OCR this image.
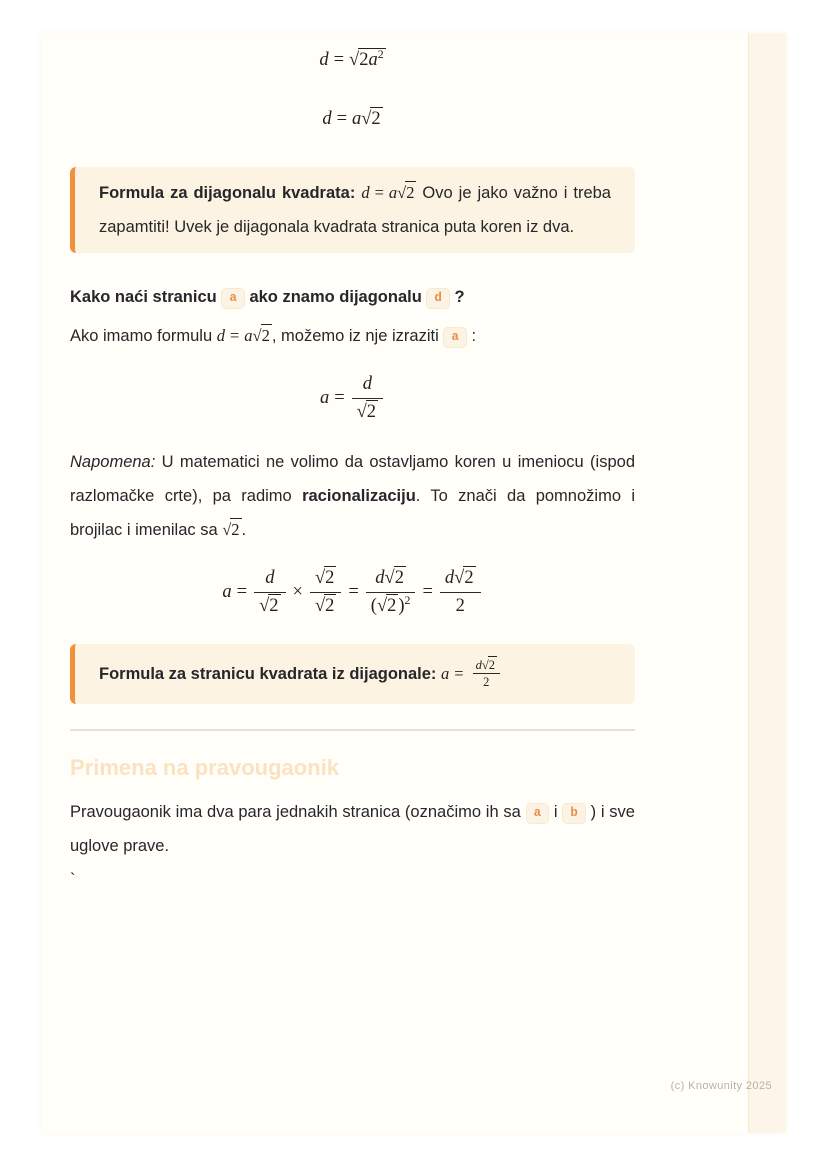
$d = √2a^2$
d = a√2

Formula za dijagonalu kvadrata: d = a√2 Ovo je jako važno i treba zapamtiti! Uvek je dijagonala kvadrata stranica puta koren iz dva.

Kako naći stranicu a ako znamo dijagonalu d ?

Ako imamo formulu d = a√2 , možemo iz nje izraziti a :

$a = \frac{d}{√2}$

Napomena: U matematici ne volimo da ostavljamo koren u imeniocu (ispod razlomačke crte), pa radimo racionalizaciju. To znači da pomnožimo i brojilac i imenilac sa √2 .

$a = \frac{d}{√2} \times \frac{√2}{√2} = \frac{d√2}{(√2 )^2} = \frac{d√2}{2}$

Formula za stranicu kvadrata iz dijagonale: $a = \frac{d√2}{2}$

Primena na pravougaonik

Pravougaonik ima dva para jednakih stranica (označimo ih sa a i b ) i sve uglove prave.

`

(c) Knowunity 2025
